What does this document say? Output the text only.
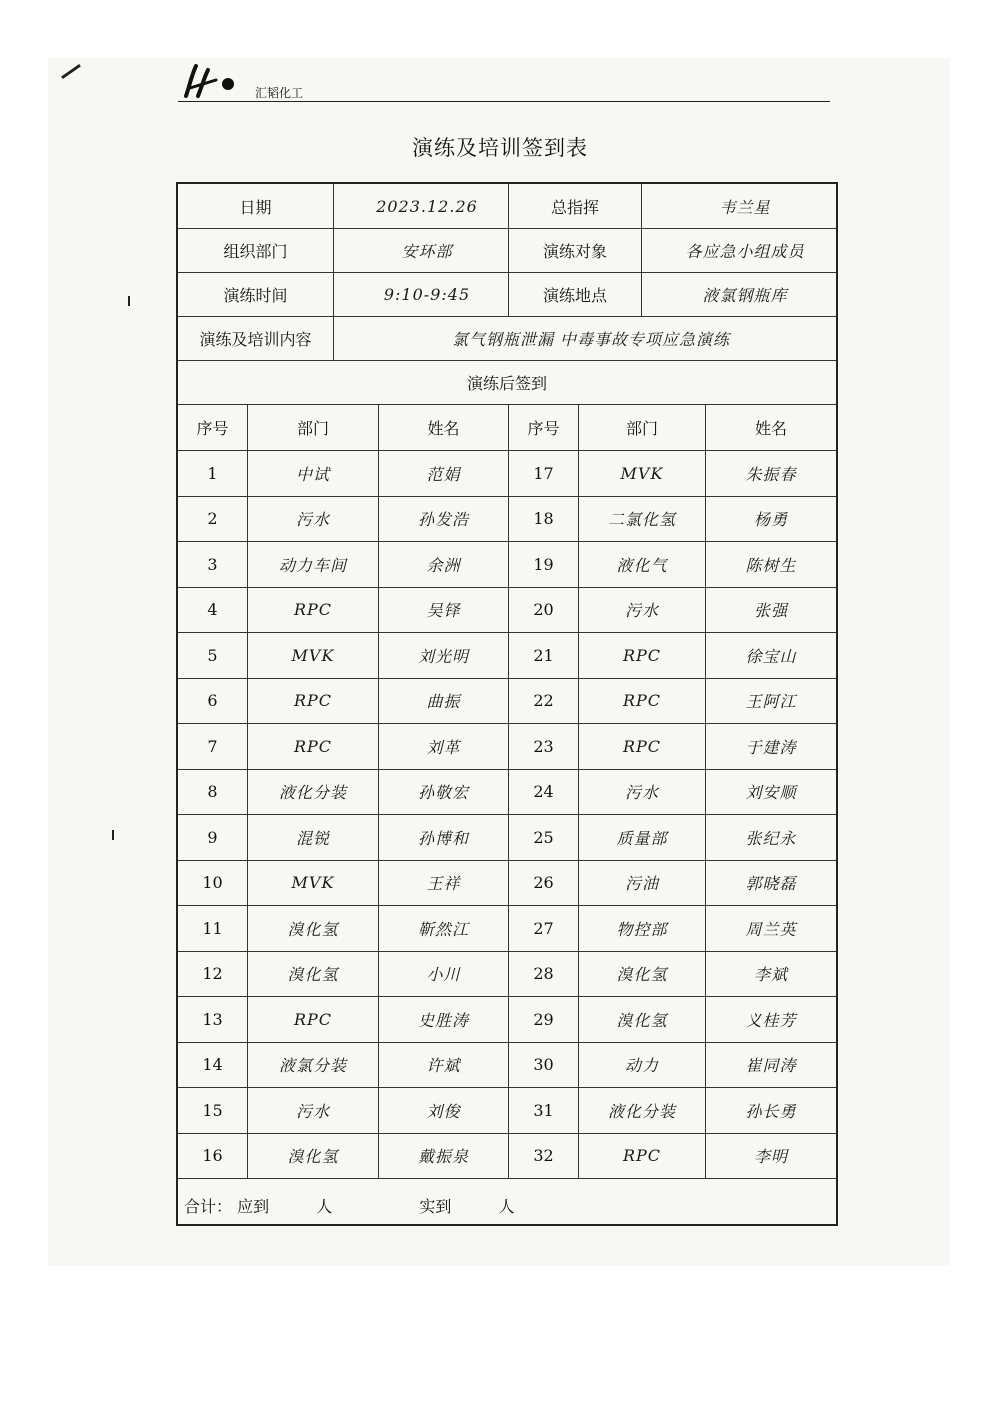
汇韬化工
演练及培训签到表
日期	2023.12.26	总指挥	韦兰星
组织部门	安环部	演练对象	各应急小组成员
演练时间	9:10-9:45	演练地点	液氯钢瓶库
演练及培训内容	氯气钢瓶泄漏 中毒事故专项应急演练
演练后签到
序号	部门	姓名	序号	部门	姓名
1	中试	范娟	17	MVK	朱振春
2	污水	孙发浩	18	二氯化氢	杨勇
3	动力车间	余洲	19	液化气	陈树生
4	RPC	吴铎	20	污水	张强
5	MVK	刘光明	21	RPC	徐宝山
6	RPC	曲振	22	RPC	王阿江
7	RPC	刘革	23	RPC	于建涛
8	液化分装	孙敬宏	24	污水	刘安顺
9	混锐	孙博和	25	质量部	张纪永
10	MVK	王祥	26	污油	郭晓磊
11	溴化氢	靳然江	27	物控部	周兰英
12	溴化氢	小川	28	溴化氢	李斌
13	RPC	史胜涛	29	溴化氢	义桂芳
14	液氯分装	许斌	30	动力	崔同涛
15	污水	刘俊	31	液化分装	孙长勇
16	溴化氢	戴振泉	32	RPC	李明
合计： 应到	人	实到	人
